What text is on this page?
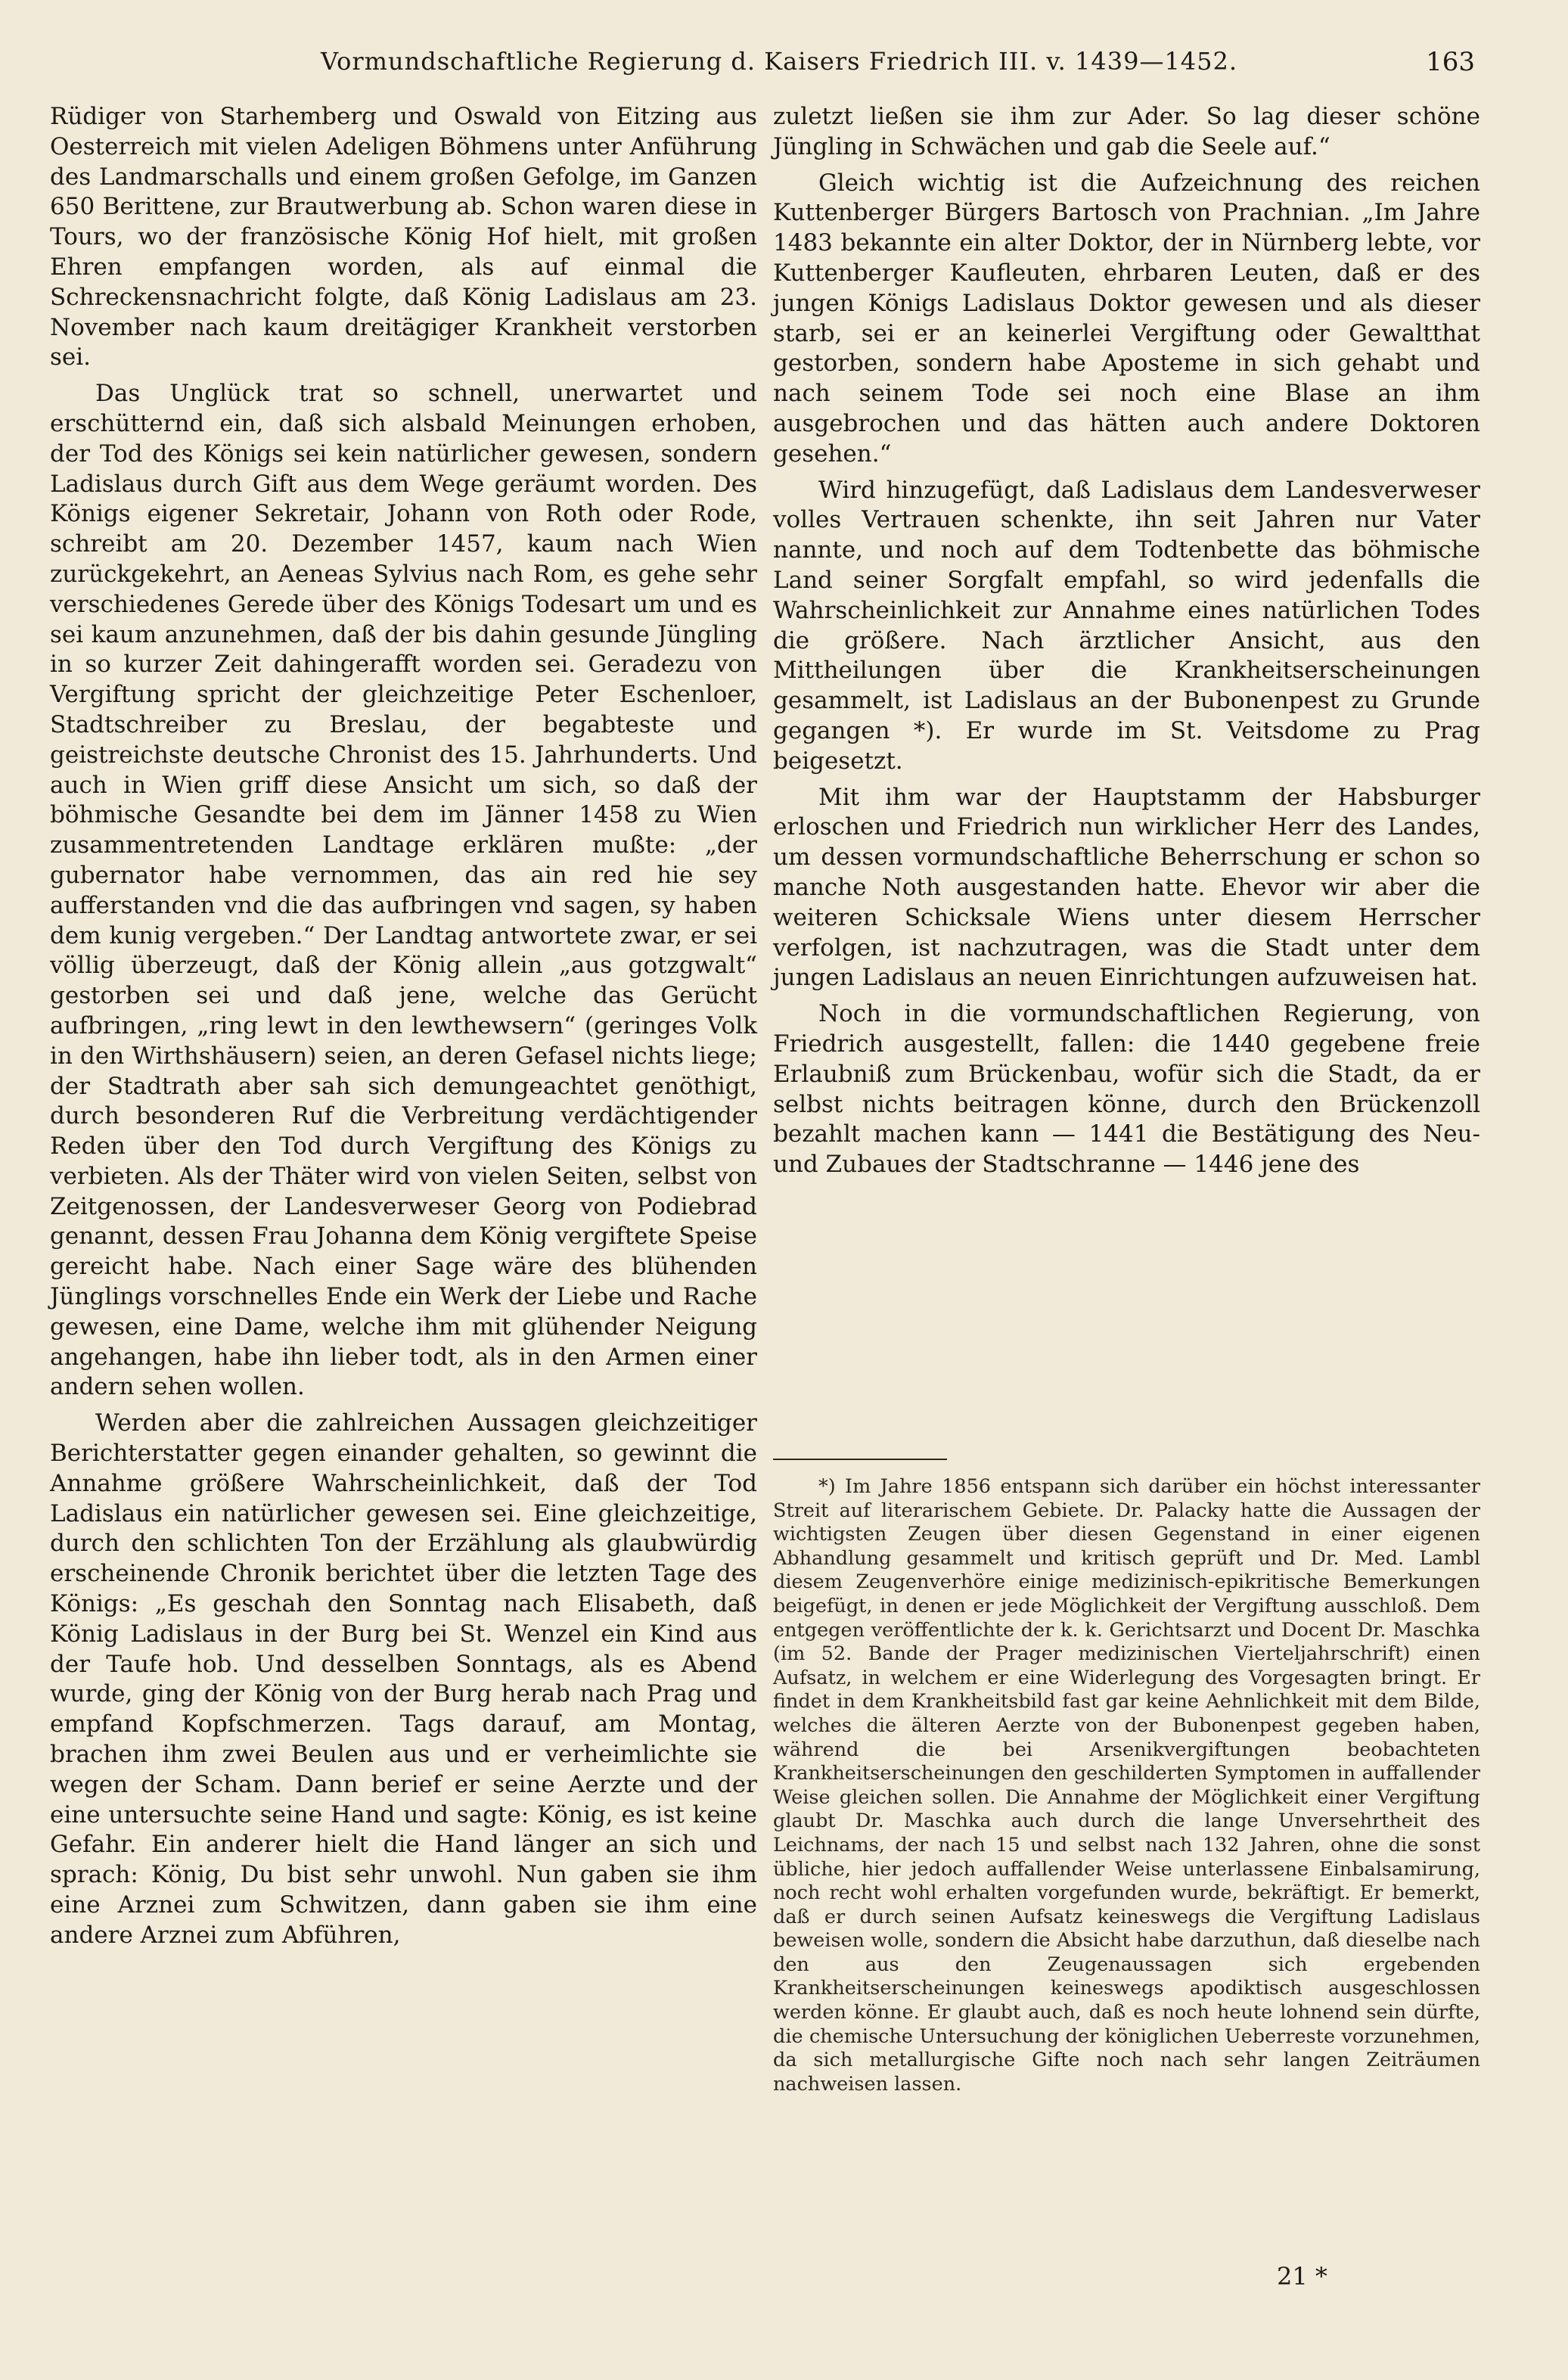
Vormundschaftliche Regierung d. Kaisers Friedrich III. v. 1439—1452.	163

Rüdiger von Starhemberg und Oswald von Eitzing aus Oesterreich mit vielen Adeligen Böhmens unter Anführung des Landmarschalls und einem großen Gefolge, im Ganzen 650 Berittene, zur Brautwerbung ab. Schon waren diese in Tours, wo der französische König Hof hielt, mit großen Ehren empfangen worden, als auf einmal die Schreckensnachricht folgte, daß König Ladislaus am 23. November nach kaum dreitägiger Krankheit verstorben sei.

Das Unglück trat so schnell, unerwartet und erschütternd ein, daß sich alsbald Meinungen erhoben, der Tod des Königs sei kein natürlicher gewesen, sondern Ladislaus durch Gift aus dem Wege geräumt worden. Des Königs eigener Sekretair, Johann von Roth oder Rode, schreibt am 20. Dezember 1457, kaum nach Wien zurückgekehrt, an Aeneas Sylvius nach Rom, es gehe sehr verschiedenes Gerede über des Königs Todesart um und es sei kaum anzunehmen, daß der bis dahin gesunde Jüngling in so kurzer Zeit dahingerafft worden sei. Geradezu von Vergiftung spricht der gleichzeitige Peter Eschenloer, Stadtschreiber zu Breslau, der begabteste und geistreichste deutsche Chronist des 15. Jahrhunderts. Und auch in Wien griff diese Ansicht um sich, so daß der böhmische Gesandte bei dem im Jänner 1458 zu Wien zusammentretenden Landtage erklären mußte: „der gubernator habe vernommen, das ain red hie sey aufferstanden vnd die das aufbringen vnd sagen, sy haben dem kunig vergeben.“ Der Landtag antwortete zwar, er sei völlig überzeugt, daß der König allein „aus gotzgwalt“ gestorben sei und daß jene, welche das Gerücht aufbringen, „ring lewt in den lewthewsern“ (geringes Volk in den Wirthshäusern) seien, an deren Gefasel nichts liege; der Stadtrath aber sah sich demungeachtet genöthigt, durch besonderen Ruf die Verbreitung verdächtigender Reden über den Tod durch Vergiftung des Königs zu verbieten. Als der Thäter wird von vielen Seiten, selbst von Zeitgenossen, der Landesverweser Georg von Podiebrad genannt, dessen Frau Johanna dem König vergiftete Speise gereicht habe. Nach einer Sage wäre des blühenden Jünglings vorschnelles Ende ein Werk der Liebe und Rache gewesen, eine Dame, welche ihm mit glühender Neigung angehangen, habe ihn lieber todt, als in den Armen einer andern sehen wollen.

Werden aber die zahlreichen Aussagen gleichzeitiger Berichterstatter gegen einander gehalten, so gewinnt die Annahme größere Wahrscheinlichkeit, daß der Tod Ladislaus ein natürlicher gewesen sei. Eine gleichzeitige, durch den schlichten Ton der Erzählung als glaubwürdig erscheinende Chronik berichtet über die letzten Tage des Königs: „Es geschah den Sonntag nach Elisabeth, daß König Ladislaus in der Burg bei St. Wenzel ein Kind aus der Taufe hob. Und desselben Sonntags, als es Abend wurde, ging der König von der Burg herab nach Prag und empfand Kopfschmerzen. Tags darauf, am Montag, brachen ihm zwei Beulen aus und er verheimlichte sie wegen der Scham. Dann berief er seine Aerzte und der eine untersuchte seine Hand und sagte: König, es ist keine Gefahr. Ein anderer hielt die Hand länger an sich und sprach: König, Du bist sehr unwohl. Nun gaben sie ihm eine Arznei zum Schwitzen, dann gaben sie ihm eine andere Arznei zum Abführen,

zuletzt ließen sie ihm zur Ader. So lag dieser schöne Jüngling in Schwächen und gab die Seele auf.“

Gleich wichtig ist die Aufzeichnung des reichen Kuttenberger Bürgers Bartosch von Prachnian. „Im Jahre 1483 bekannte ein alter Doktor, der in Nürnberg lebte, vor Kuttenberger Kaufleuten, ehrbaren Leuten, daß er des jungen Königs Ladislaus Doktor gewesen und als dieser starb, sei er an keinerlei Vergiftung oder Gewaltthat gestorben, sondern habe Aposteme in sich gehabt und nach seinem Tode sei noch eine Blase an ihm ausgebrochen und das hätten auch andere Doktoren gesehen.“

Wird hinzugefügt, daß Ladislaus dem Landesverweser volles Vertrauen schenkte, ihn seit Jahren nur Vater nannte, und noch auf dem Todtenbette das böhmische Land seiner Sorgfalt empfahl, so wird jedenfalls die Wahrscheinlichkeit zur Annahme eines natürlichen Todes die größere. Nach ärztlicher Ansicht, aus den Mittheilungen über die Krankheitserscheinungen gesammelt, ist Ladislaus an der Bubonenpest zu Grunde gegangen *). Er wurde im St. Veitsdome zu Prag beigesetzt.

Mit ihm war der Hauptstamm der Habsburger erloschen und Friedrich nun wirklicher Herr des Landes, um dessen vormundschaftliche Beherrschung er schon so manche Noth ausgestanden hatte. Ehevor wir aber die weiteren Schicksale Wiens unter diesem Herrscher verfolgen, ist nachzutragen, was die Stadt unter dem jungen Ladislaus an neuen Einrichtungen aufzuweisen hat.

Noch in die vormundschaftlichen Regierung, von Friedrich ausgestellt, fallen: die 1440 gegebene freie Erlaubniß zum Brückenbau, wofür sich die Stadt, da er selbst nichts beitragen könne, durch den Brückenzoll bezahlt machen kann — 1441 die Bestätigung des Neu- und Zubaues der Stadtschranne — 1446 jene des

*) Im Jahre 1856 entspann sich darüber ein höchst interessanter Streit auf literarischem Gebiete. Dr. Palacky hatte die Aussagen der wichtigsten Zeugen über diesen Gegenstand in einer eigenen Abhandlung gesammelt und kritisch geprüft und Dr. Med. Lambl diesem Zeugenverhöre einige medizinisch-epikritische Bemerkungen beigefügt, in denen er jede Möglichkeit der Vergiftung ausschloß. Dem entgegen veröffentlichte der k. k. Gerichtsarzt und Docent Dr. Maschka (im 52. Bande der Prager medizinischen Vierteljahrschrift) einen Aufsatz, in welchem er eine Widerlegung des Vorgesagten bringt. Er findet in dem Krankheitsbild fast gar keine Aehnlichkeit mit dem Bilde, welches die älteren Aerzte von der Bubonenpest gegeben haben, während die bei Arsenikvergiftungen beobachteten Krankheitserscheinungen den geschilderten Symptomen in auffallender Weise gleichen sollen. Die Annahme der Möglichkeit einer Vergiftung glaubt Dr. Maschka auch durch die lange Unversehrtheit des Leichnams, der nach 15 und selbst nach 132 Jahren, ohne die sonst übliche, hier jedoch auffallender Weise unterlassene Einbalsamirung, noch recht wohl erhalten vorgefunden wurde, bekräftigt. Er bemerkt, daß er durch seinen Aufsatz keineswegs die Vergiftung Ladislaus beweisen wolle, sondern die Absicht habe darzuthun, daß dieselbe nach den aus den Zeugenaussagen sich ergebenden Krankheitserscheinungen keineswegs apodiktisch ausgeschlossen werden könne. Er glaubt auch, daß es noch heute lohnend sein dürfte, die chemische Untersuchung der königlichen Ueberreste vorzunehmen, da sich metallurgische Gifte noch nach sehr langen Zeiträumen nachweisen lassen.

21 *
